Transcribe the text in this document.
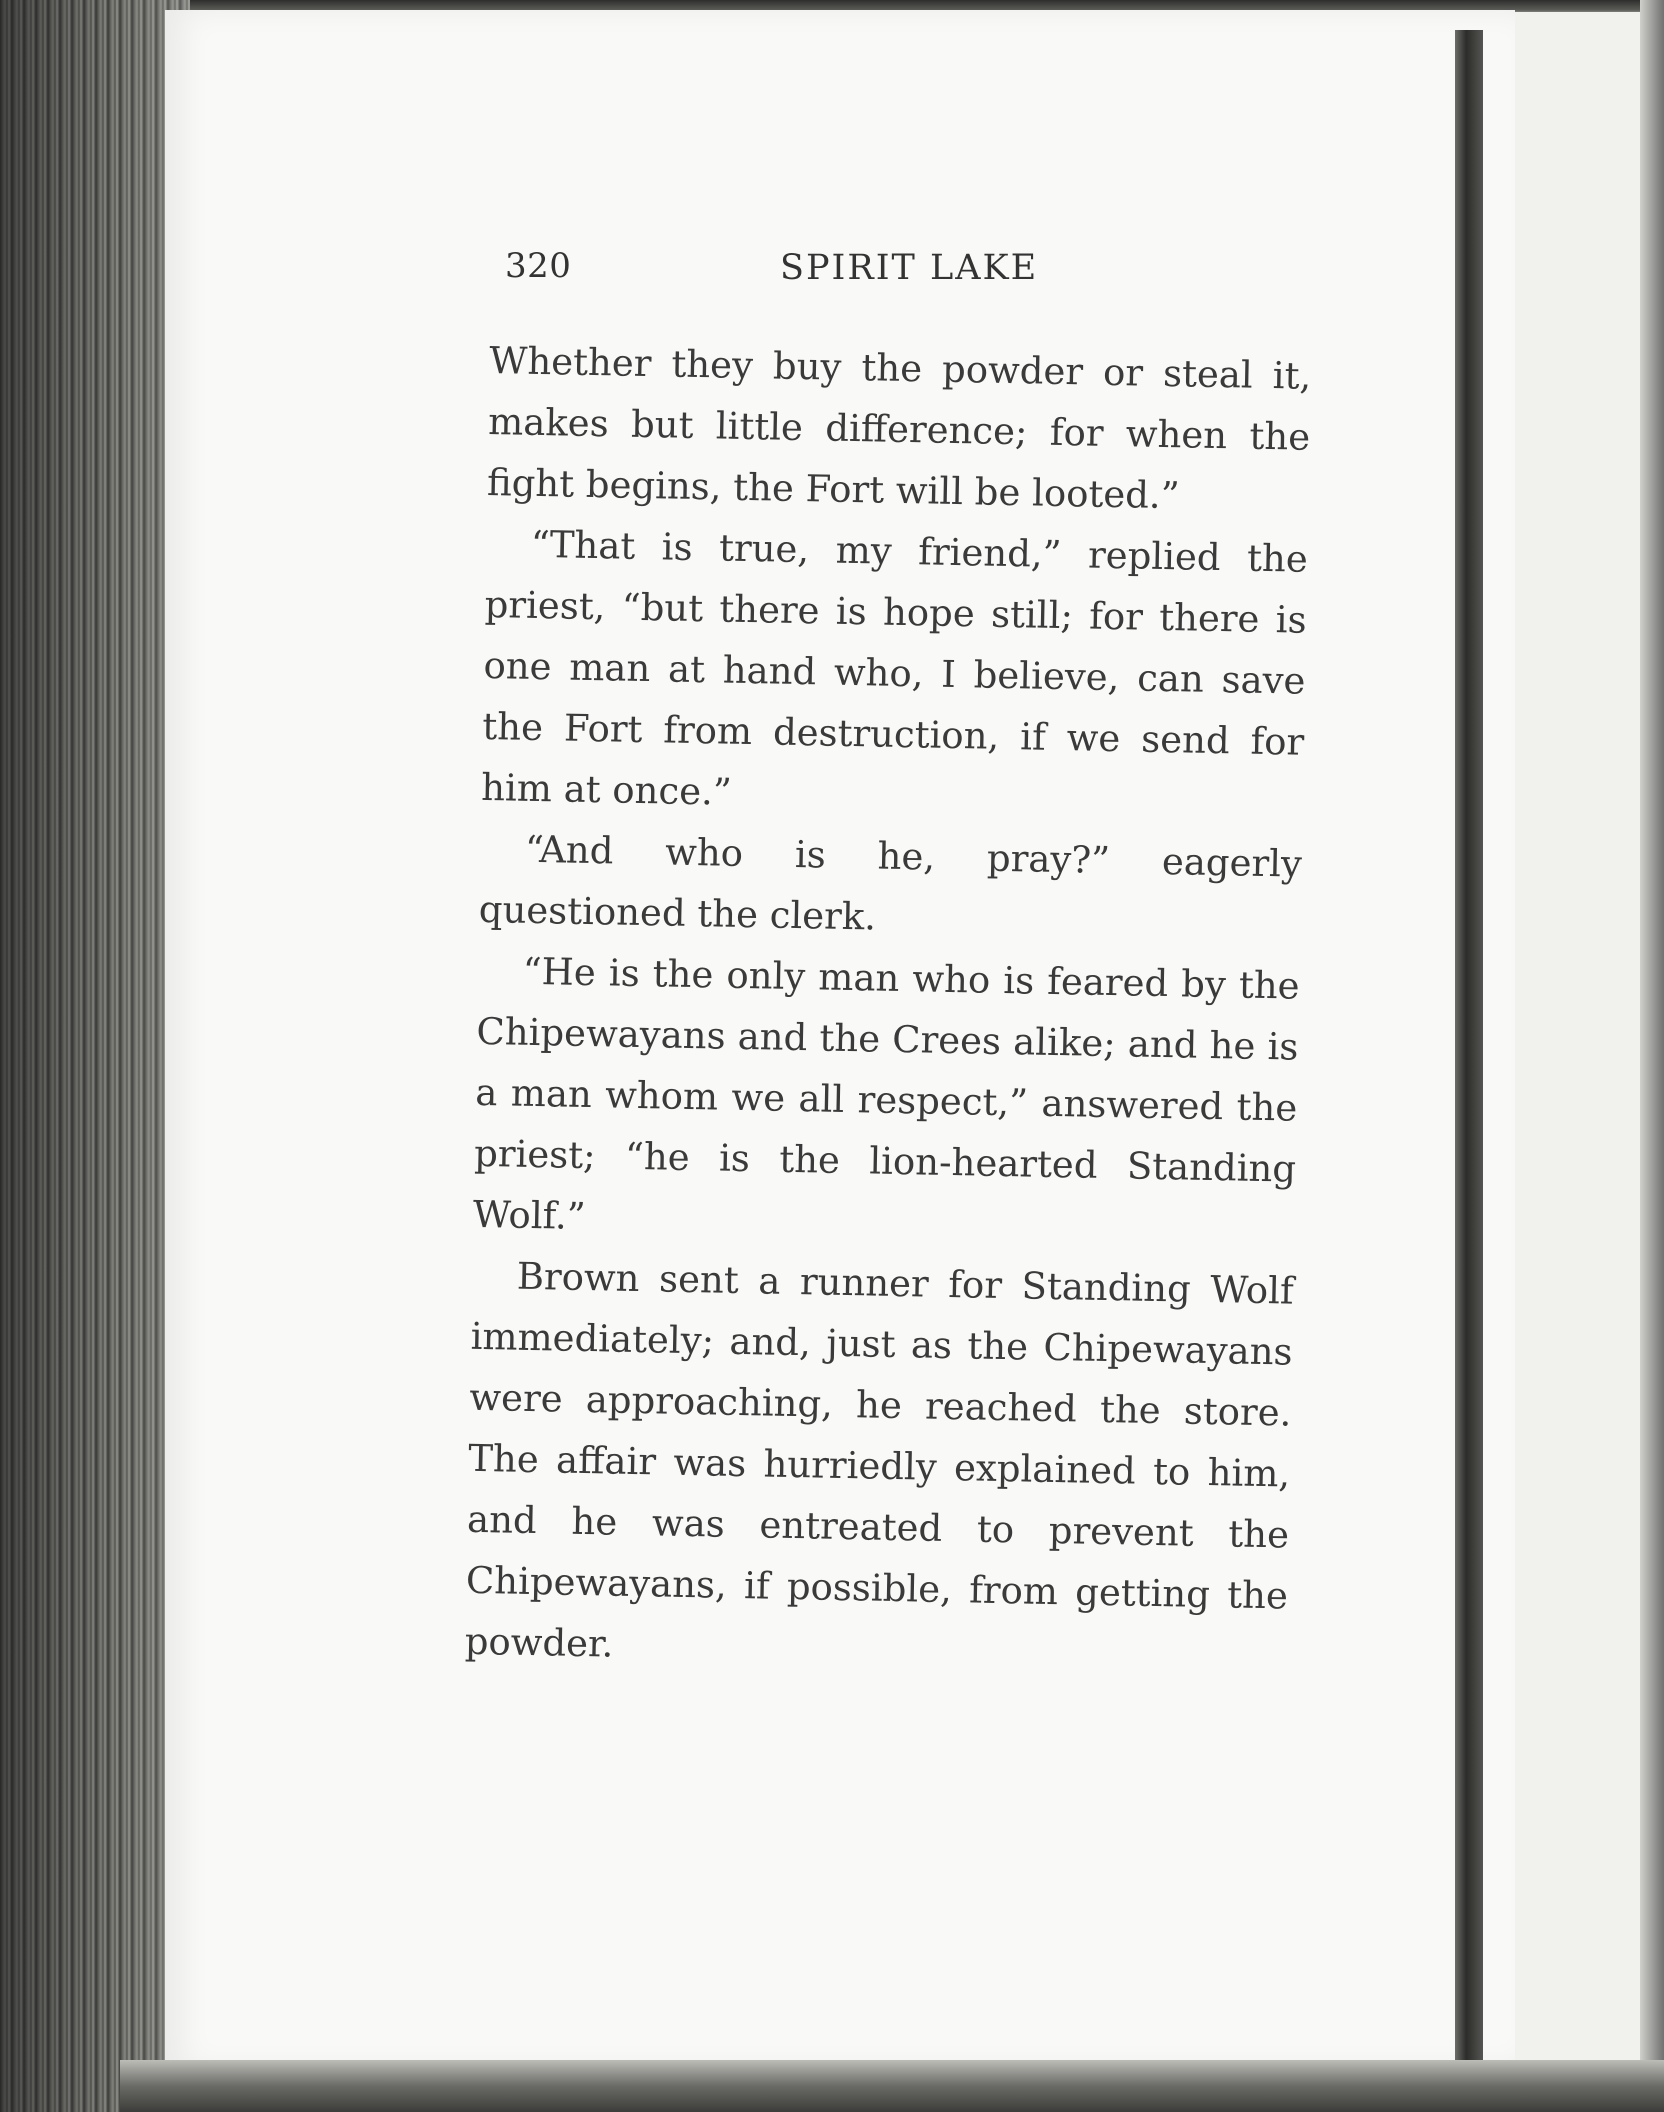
320	SPIRIT LAKE

Whether they buy the powder or steal it, makes but little difference; for when the fight begins, the Fort will be looted.”

“That is true, my friend,” replied the priest, “but there is hope still; for there is one man at hand who, I believe, can save the Fort from destruction, if we send for him at once.”

“And who is he, pray?” eagerly questioned the clerk.

“He is the only man who is feared by the Chipewayans and the Crees alike; and he is a man whom we all respect,” answered the priest; “he is the lion-hearted Standing Wolf.”

Brown sent a runner for Standing Wolf immediately; and, just as the Chipewayans were approaching, he reached the store. The affair was hurriedly explained to him, and he was entreated to prevent the Chipewayans, if possible, from getting the powder.
